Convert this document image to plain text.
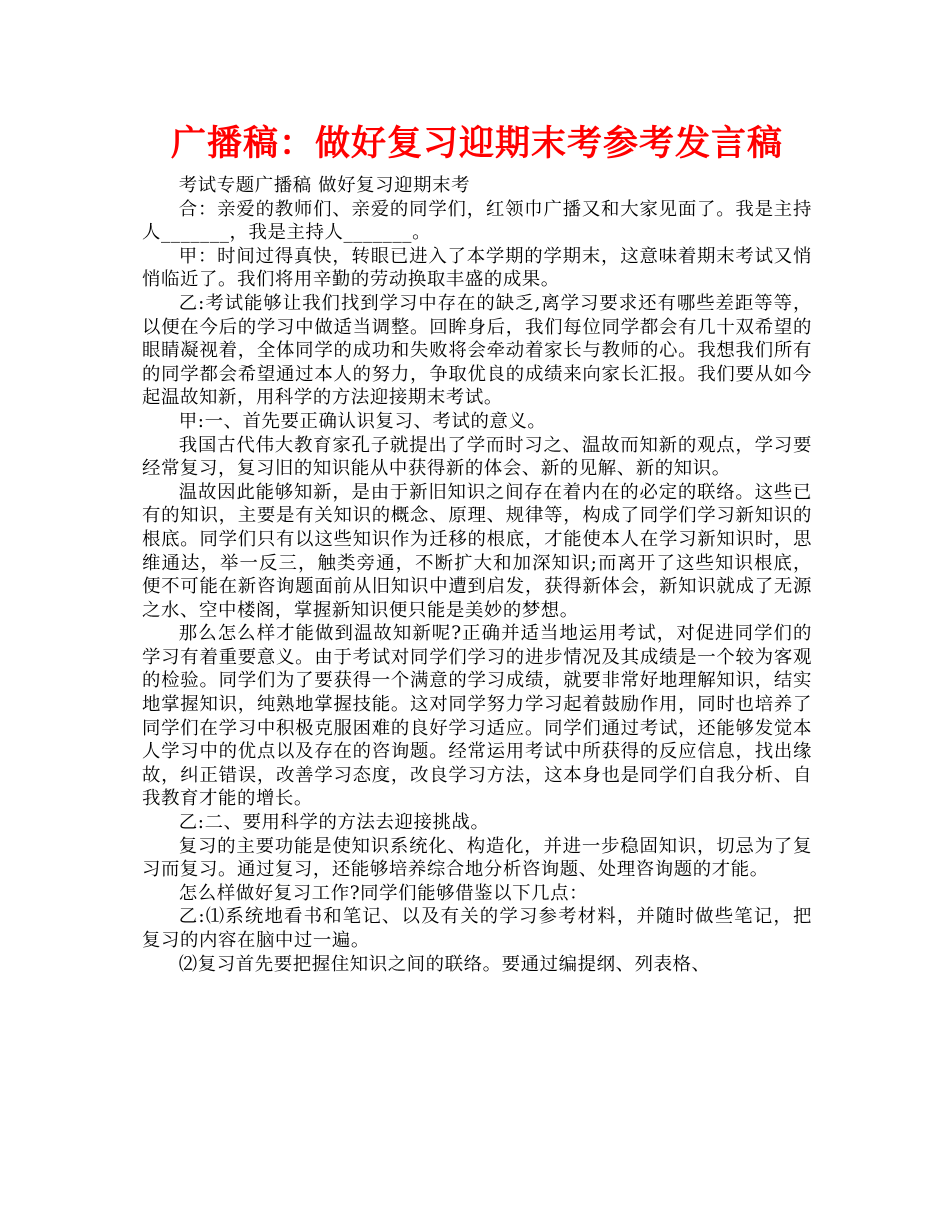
广播稿：做好复习迎期末考参考发言稿

考试专题广播稿 做好复习迎期末考

合：亲爱的教师们、亲爱的同学们，红领巾广播又和大家见面了。我是主持人_______，我是主持人_______。

甲：时间过得真快，转眼已进入了本学期的学期末，这意味着期末考试又悄悄临近了。我们将用辛勤的劳动换取丰盛的成果。

乙:考试能够让我们找到学习中存在的缺乏,离学习要求还有哪些差距等等，以便在今后的学习中做适当调整。回眸身后，我们每位同学都会有几十双希望的眼睛凝视着，全体同学的成功和失败将会牵动着家长与教师的心。我想我们所有的同学都会希望通过本人的努力，争取优良的成绩来向家长汇报。我们要从如今起温故知新，用科学的方法迎接期末考试。

甲:一、首先要正确认识复习、考试的意义。

我国古代伟大教育家孔子就提出了学而时习之、温故而知新的观点，学习要经常复习，复习旧的知识能从中获得新的体会、新的见解、新的知识。

温故因此能够知新，是由于新旧知识之间存在着内在的必定的联络。这些已有的知识，主要是有关知识的概念、原理、规律等，构成了同学们学习新知识的根底。同学们只有以这些知识作为迁移的根底，才能使本人在学习新知识时，思维通达，举一反三，触类旁通，不断扩大和加深知识;而离开了这些知识根底，便不可能在新咨询题面前从旧知识中遭到启发，获得新体会，新知识就成了无源之水、空中楼阁，掌握新知识便只能是美妙的梦想。

那么怎么样才能做到温故知新呢?正确并适当地运用考试，对促进同学们的学习有着重要意义。由于考试对同学们学习的进步情况及其成绩是一个较为客观的检验。同学们为了要获得一个满意的学习成绩，就要非常好地理解知识，结实地掌握知识，纯熟地掌握技能。这对同学努力学习起着鼓励作用，同时也培养了同学们在学习中积极克服困难的良好学习适应。同学们通过考试，还能够发觉本人学习中的优点以及存在的咨询题。经常运用考试中所获得的反应信息，找出缘故，纠正错误，改善学习态度，改良学习方法，这本身也是同学们自我分析、自我教育才能的增长。

乙:二、要用科学的方法去迎接挑战。

复习的主要功能是使知识系统化、构造化，并进一步稳固知识，切忌为了复习而复习。通过复习，还能够培养综合地分析咨询题、处理咨询题的才能。

怎么样做好复习工作?同学们能够借鉴以下几点：

乙:⑴系统地看书和笔记、以及有关的学习参考材料，并随时做些笔记，把复习的内容在脑中过一遍。

⑵复习首先要把握住知识之间的联络。要通过编提纲、列表格、
